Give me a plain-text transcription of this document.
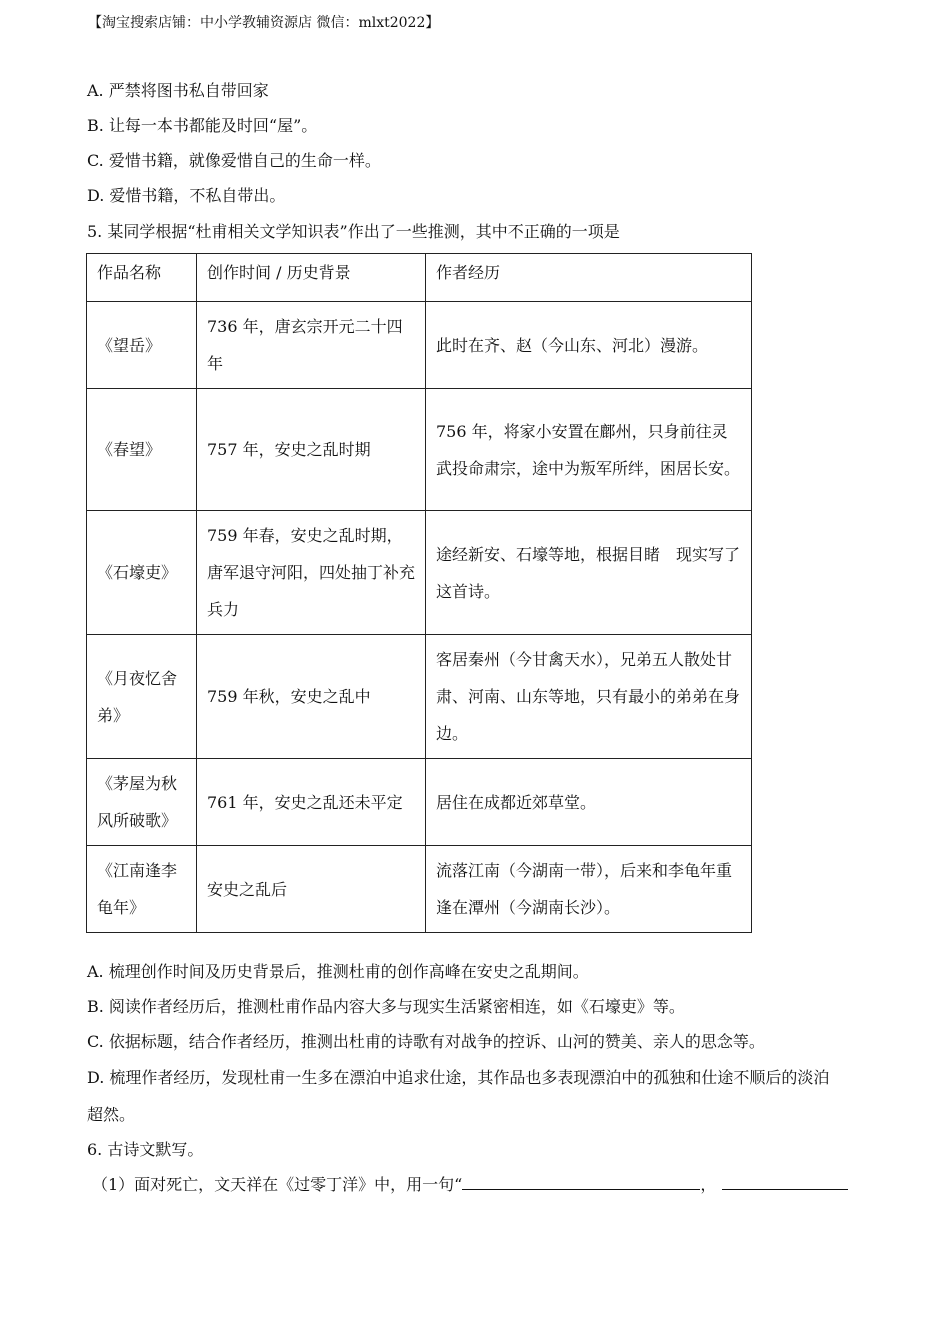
【淘宝搜索店铺：中小学教辅资源店 微信：mlxt2022】
A. 严禁将图书私自带回家
B. 让每一本书都能及时回“屋”。
C. 爱惜书籍，就像爱惜自己的生命一样。
D. 爱惜书籍，不私自带出。
5. 某同学根据“杜甫相关文学知识表”作出了一些推测，其中不正确的一项是
作品名称	创作时间 / 历史背景	作者经历
《望岳》	736 年，唐玄宗开元二十四年	此时在齐、赵（今山东、河北）漫游。
《春望》	757 年，安史之乱时期	756 年，将家小安置在鄜州，只身前往灵武投命肃宗，途中为叛军所绊，困居长安。
《石壕吏》	759 年春，安史之乱时期，唐军退守河阳，四处抽丁补充兵力	途经新安、石壕等地，根据目睹　现实写了这首诗。
《月夜忆舍弟》	759 年秋，安史之乱中	客居秦州（今甘禽天水），兄弟五人散处甘肃、河南、山东等地，只有最小的弟弟在身边。
《茅屋为秋风所破歌》	761 年，安史之乱还未平定	居住在成都近郊草堂。
《江南逢李龟年》	安史之乱后	流落江南（今湖南一带），后来和李龟年重逢在潭州（今湖南长沙）。
A. 梳理创作时间及历史背景后，推测杜甫的创作高峰在安史之乱期间。
B. 阅读作者经历后，推测杜甫作品内容大多与现实生活紧密相连，如《石壕吏》等。
C. 依据标题，结合作者经历，推测出杜甫的诗歌有对战争的控诉、山河的赞美、亲人的思念等。
D. 梳理作者经历，发现杜甫一生多在漂泊中追求仕途，其作品也多表现漂泊中的孤独和仕途不顺后的淡泊
超然。
6. 古诗文默写。
（1）面对死亡，文天祥在《过零丁洋》中，用一句“	，
